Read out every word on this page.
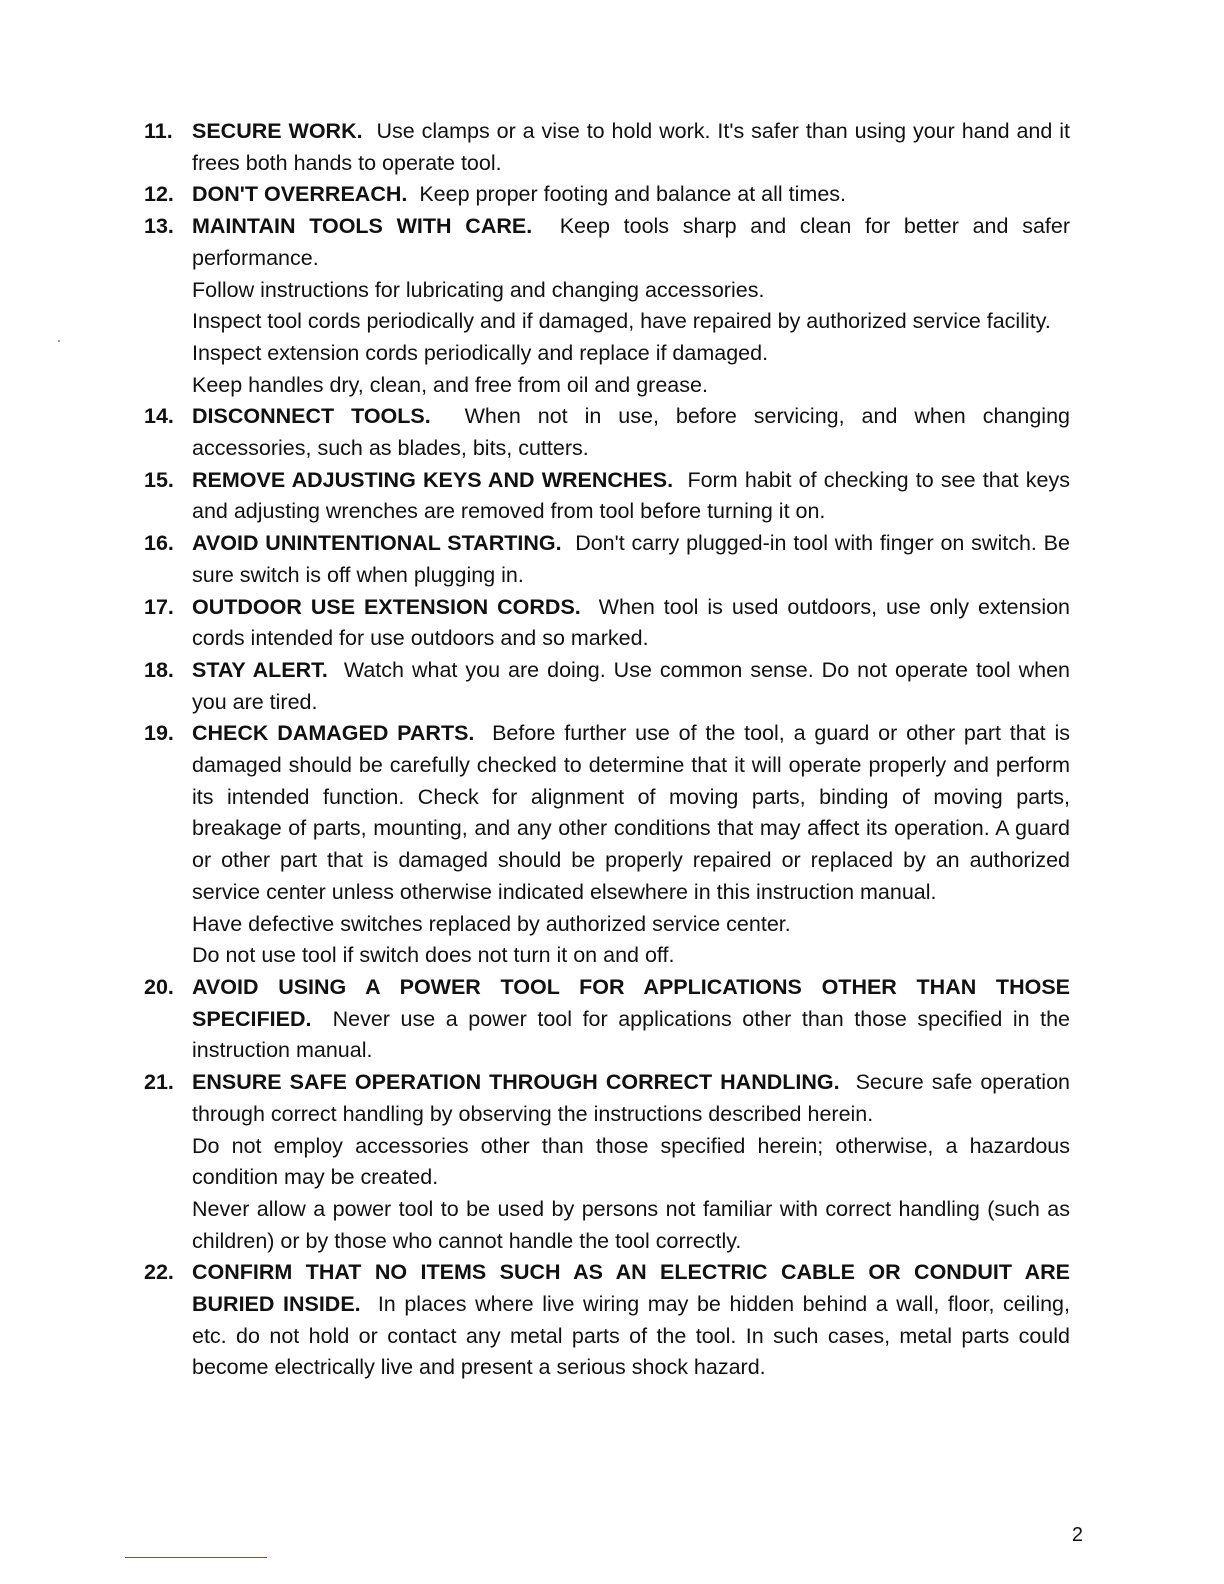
11. SECURE WORK. Use clamps or a vise to hold work. It's safer than using your hand and it frees both hands to operate tool.
12. DON'T OVERREACH. Keep proper footing and balance at all times.
13. MAINTAIN TOOLS WITH CARE. Keep tools sharp and clean for better and safer performance.
Follow instructions for lubricating and changing accessories.
Inspect tool cords periodically and if damaged, have repaired by authorized service facility.
Inspect extension cords periodically and replace if damaged.
Keep handles dry, clean, and free from oil and grease.
14. DISCONNECT TOOLS. When not in use, before servicing, and when changing accessories, such as blades, bits, cutters.
15. REMOVE ADJUSTING KEYS AND WRENCHES. Form habit of checking to see that keys and adjusting wrenches are removed from tool before turning it on.
16. AVOID UNINTENTIONAL STARTING. Don't carry plugged-in tool with finger on switch. Be sure switch is off when plugging in.
17. OUTDOOR USE EXTENSION CORDS. When tool is used outdoors, use only extension cords intended for use outdoors and so marked.
18. STAY ALERT. Watch what you are doing. Use common sense. Do not operate tool when you are tired.
19. CHECK DAMAGED PARTS. Before further use of the tool, a guard or other part that is damaged should be carefully checked to determine that it will operate properly and perform its intended function. Check for alignment of moving parts, binding of moving parts, breakage of parts, mounting, and any other conditions that may affect its operation. A guard or other part that is damaged should be properly repaired or replaced by an authorized service center unless otherwise indicated elsewhere in this instruction manual.
Have defective switches replaced by authorized service center.
Do not use tool if switch does not turn it on and off.
20. AVOID USING A POWER TOOL FOR APPLICATIONS OTHER THAN THOSE SPECIFIED. Never use a power tool for applications other than those specified in the instruction manual.
21. ENSURE SAFE OPERATION THROUGH CORRECT HANDLING. Secure safe operation through correct handling by observing the instructions described herein.
Do not employ accessories other than those specified herein; otherwise, a hazardous condition may be created.
Never allow a power tool to be used by persons not familiar with correct handling (such as children) or by those who cannot handle the tool correctly.
22. CONFIRM THAT NO ITEMS SUCH AS AN ELECTRIC CABLE OR CONDUIT ARE BURIED INSIDE. In places where live wiring may be hidden behind a wall, floor, ceiling, etc. do not hold or contact any metal parts of the tool. In such cases, metal parts could become electrically live and present a serious shock hazard.
2
